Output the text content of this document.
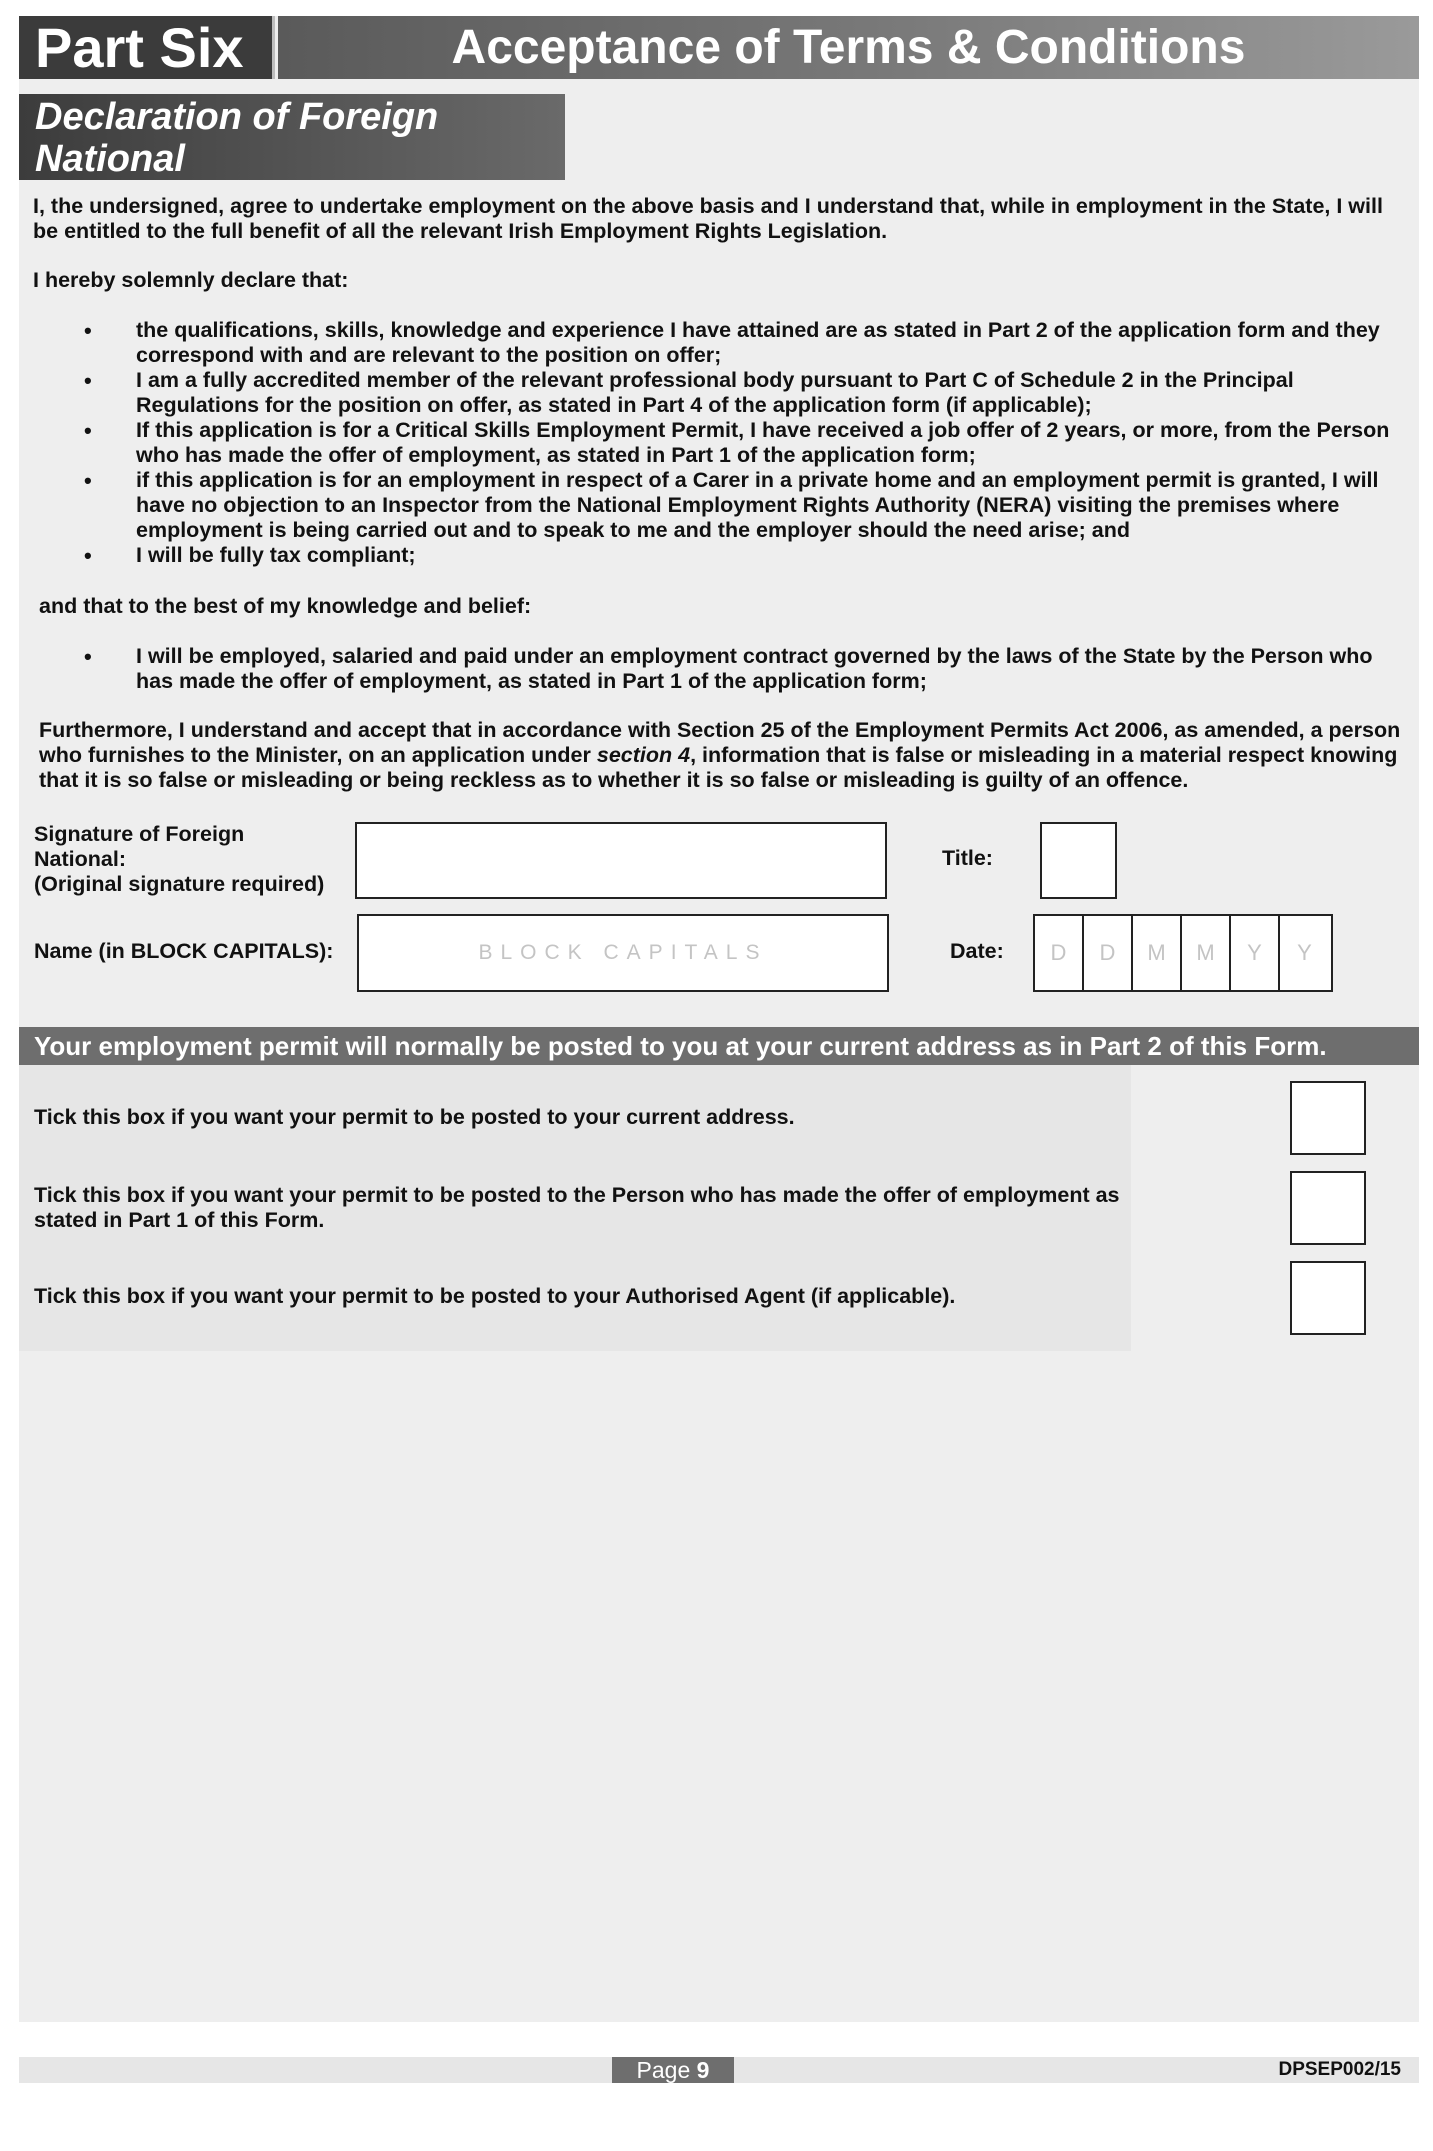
Part Six	Acceptance of Terms & Conditions
Declaration of Foreign National
I, the undersigned, agree to undertake employment on the above basis and I understand that, while in employment in the State, I will be entitled to the full benefit of all the relevant Irish Employment Rights Legislation.
I hereby solemnly declare that:
• the qualifications, skills, knowledge and experience I have attained are as stated in Part 2 of the application form and they correspond with and are relevant to the position on offer;
• I am a fully accredited member of the relevant professional body pursuant to Part C of Schedule 2 in the Principal Regulations for the position on offer, as stated in Part 4 of the application form (if applicable);
• If this application is for a Critical Skills Employment Permit, I have received a job offer of 2 years, or more, from the Person who has made the offer of employment, as stated in Part 1 of the application form;
• if this application is for an employment in respect of a Carer in a private home and an employment permit is granted, I will have no objection to an Inspector from the National Employment Rights Authority (NERA) visiting the premises where employment is being carried out and to speak to me and the employer should the need arise; and
• I will be fully tax compliant;
and that to the best of my knowledge and belief:
• I will be employed, salaried and paid under an employment contract governed by the laws of the State by the Person who has made the offer of employment, as stated in Part 1 of the application form;
Furthermore, I understand and accept that in accordance with Section 25 of the Employment Permits Act 2006, as amended, a person who furnishes to the Minister, on an application under section 4, information that is false or misleading in a material respect knowing that it is so false or misleading or being reckless as to whether it is so false or misleading is guilty of an offence.
Signature of Foreign
National:
(Original signature required)
Title:
Name (in BLOCK CAPITALS):	BLOCK CAPITALS	Date:	D	D	M	M	Y	Y
Your employment permit will normally be posted to you at your current address as in Part 2 of this Form.
Tick this box if you want your permit to be posted to your current address.
Tick this box if you want your permit to be posted to the Person who has made the offer of employment as stated in Part 1 of this Form.
Tick this box if you want your permit to be posted to your Authorised Agent (if applicable).
Page 9	DPSEP002/15
